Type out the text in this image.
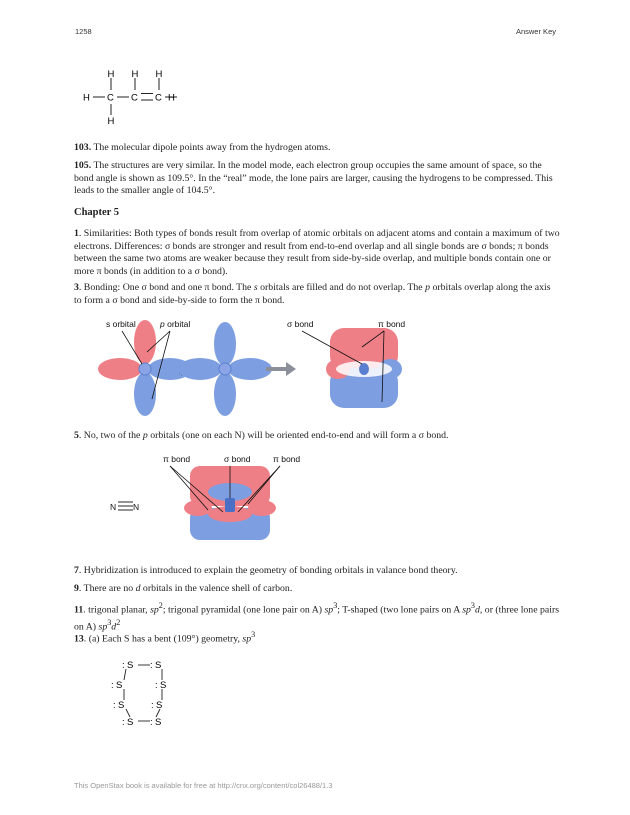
1258	Answer Key
H H H
H
H
C C C H
103. The molecular dipole points away from the hydrogen atoms.
105. The structures are very similar. In the model mode, each electron group occupies the same amount of space, so the bond angle is shown as 109.5°. In the “real” mode, the lone pairs are larger, causing the hydrogens to be compressed. This leads to the smaller angle of 104.5°.
Chapter 5
1. Similarities: Both types of bonds result from overlap of atomic orbitals on adjacent atoms and contain a maximum of two electrons. Differences: σ bonds are stronger and result from end-to-end overlap and all single bonds are σ bonds; π bonds between the same two atoms are weaker because they result from side-by-side overlap, and multiple bonds contain one or more π bonds (in addition to a σ bond).
3. Bonding: One σ bond and one π bond. The s orbitals are filled and do not overlap. The p orbitals overlap along the axis to form a σ bond and side-by-side to form the π bond.
s orbital	p orbital	σ bond	π bond
5. No, two of the p orbitals (one on each N) will be oriented end-to-end and will form a σ bond.
N N
π bond	σ bond	π bond
7. Hybridization is introduced to explain the geometry of bonding orbitals in valance bond theory.
9. There are no d orbitals in the valence shell of carbon.
11. trigonal planar, $sp^2$; trigonal pyramidal (one lone pair on A) $sp^3$; T-shaped (two lone pairs on A $sp^3d$, or (three lone pairs on A) $sp^3d^2$
13. (a) Each S has a bent (109°) geometry, $sp^3$
S
:	S
:
S
:	S
:
S
:	S
:
S
:	S
:
This OpenStax book is available for free at http://cnx.org/content/col26488/1.3
